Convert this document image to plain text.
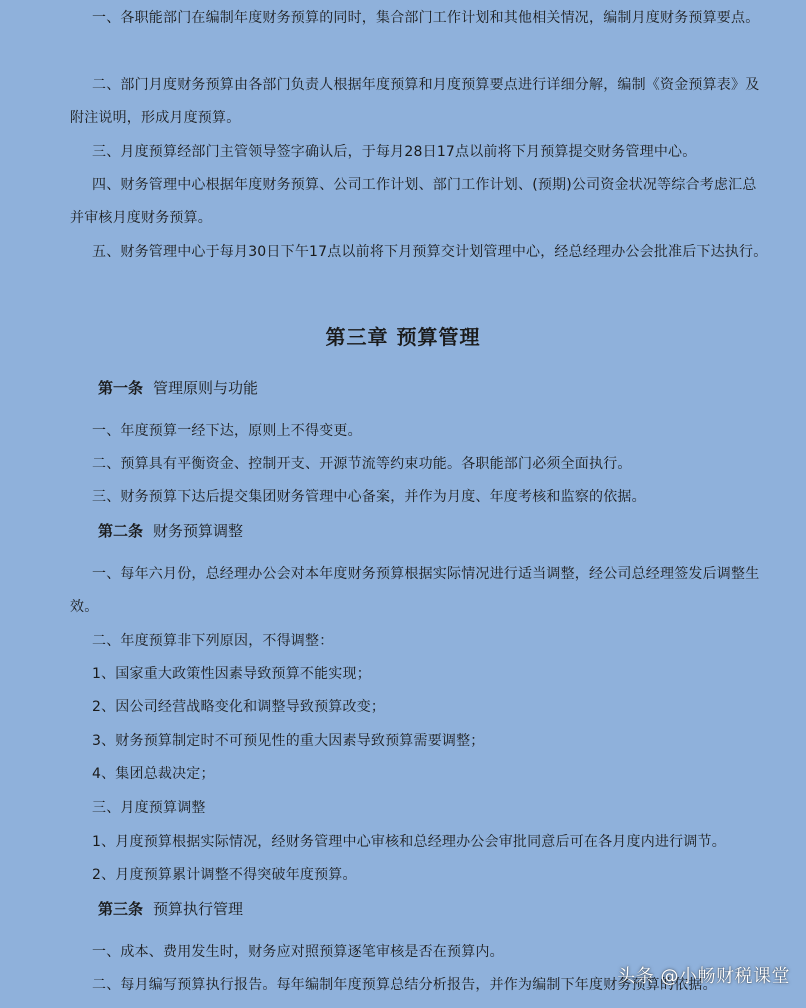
一、各职能部门在编制年度财务预算的同时，集合部门工作计划和其他相关情况，编制月度财务预算要点。

二、部门月度财务预算由各部门负责人根据年度预算和月度预算要点进行详细分解，编制《资金预算表》及附注说明，形成月度预算。

三、月度预算经部门主管领导签字确认后，于每月28日17点以前将下月预算提交财务管理中心。

四、财务管理中心根据年度财务预算、公司工作计划、部门工作计划、(预期)公司资金状况等综合考虑汇总并审核月度财务预算。

五、财务管理中心于每月30日下午17点以前将下月预算交计划管理中心，经总经理办公会批准后下达执行。

第三章 预算管理
第一条 管理原则与功能

一、年度预算一经下达，原则上不得变更。

二、预算具有平衡资金、控制开支、开源节流等约束功能。各职能部门必须全面执行。

三、财务预算下达后提交集团财务管理中心备案，并作为月度、年度考核和监察的依据。

第二条 财务预算调整

一、每年六月份，总经理办公会对本年度财务预算根据实际情况进行适当调整，经公司总经理签发后调整生效。

二、年度预算非下列原因，不得调整：

1、国家重大政策性因素导致预算不能实现；

2、因公司经营战略变化和调整导致预算改变；

3、财务预算制定时不可预见性的重大因素导致预算需要调整；

4、集团总裁决定；

三、月度预算调整

1、月度预算根据实际情况，经财务管理中心审核和总经理办公会审批同意后可在各月度内进行调节。

2、月度预算累计调整不得突破年度预算。

第三条 预算执行管理

一、成本、费用发生时，财务应对照预算逐笔审核是否在预算内。

二、每月编写预算执行报告。每年编制年度预算总结分析报告，并作为编制下年度财务预算的依据。

头条 @小畅财税课堂
